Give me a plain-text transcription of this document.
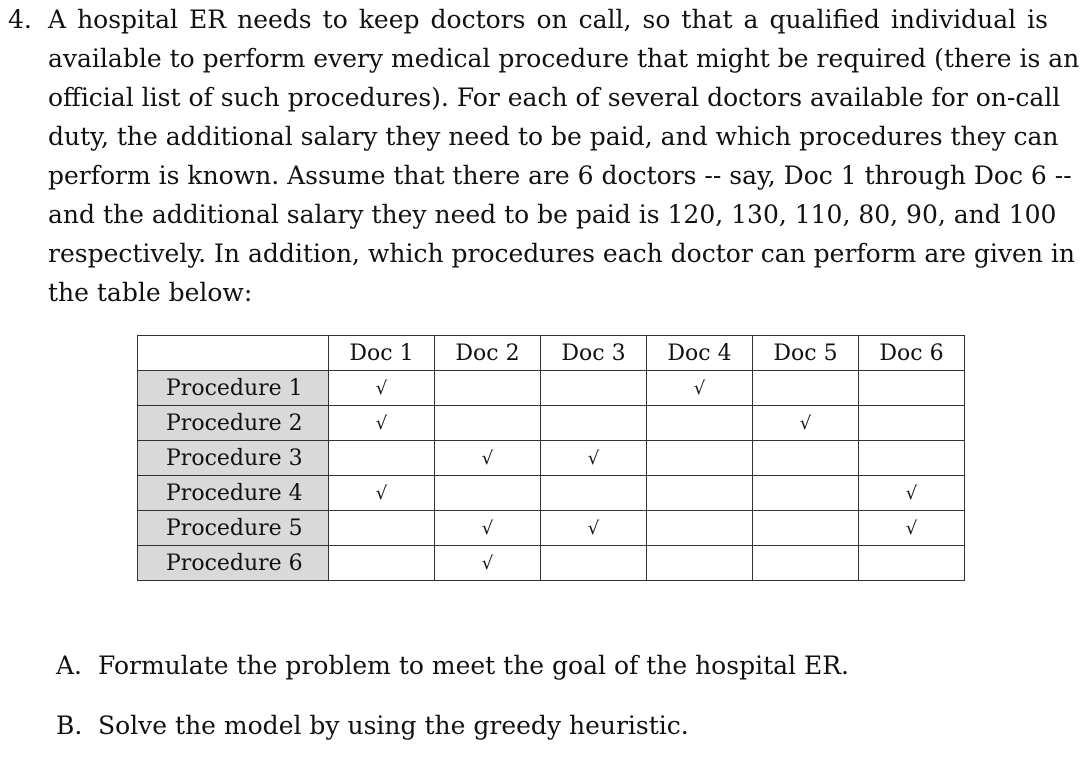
4. A hospital ER needs to keep doctors on call, so that a qualified individual is
available to perform every medical procedure that might be required (there is an
official list of such procedures). For each of several doctors available for on-call
duty, the additional salary they need to be paid, and which procedures they can
perform is known. Assume that there are 6 doctors -- say, Doc 1 through Doc 6 --
and the additional salary they need to be paid is 120, 130, 110, 80, 90, and 100
respectively. In addition, which procedures each doctor can perform are given in
the table below:
	Doc 1	Doc 2	Doc 3	Doc 4	Doc 5	Doc 6
Procedure 1	√			√		
Procedure 2	√				√	
Procedure 3		√	√			
Procedure 4	√					√
Procedure 5		√	√			√
Procedure 6		√				
A. Formulate the problem to meet the goal of the hospital ER.
B. Solve the model by using the greedy heuristic.
